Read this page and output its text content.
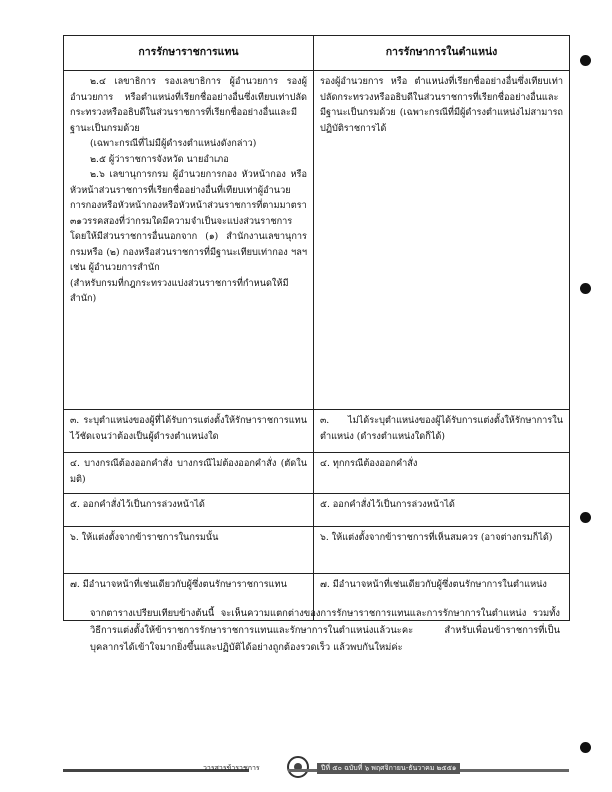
การรักษาราชการแทน	การรักษาการในตำแหน่ง

๒.๔ เลขาธิการ รองเลขาธิการ ผู้อำนวยการ รองผู้อำนวยการ หรือตำแหน่งที่เรียกชื่ออย่างอื่นซึ่งเทียบเท่าปลัดกระทรวงหรืออธิบดีในส่วนราชการที่เรียกชื่ออย่างอื่นและมีฐานะเป็นกรมด้วย
(เฉพาะกรณีที่ไม่มีผู้ดำรงตำแหน่งดังกล่าว)
๒.๕ ผู้ว่าราชการจังหวัด นายอำเภอ
๒.๖ เลขานุการกรม ผู้อำนวยการกอง หัวหน้ากอง หรือหัวหน้าส่วนราชการที่เรียกชื่ออย่างอื่นที่เทียบเท่าผู้อำนวยการกองหรือหัวหน้ากองหรือหัวหน้าส่วนราชการที่ตามมาตรา ๓๑วรรคสองที่ว่ากรมใดมีความจำเป็นจะแบ่งส่วนราชการโดยให้มีส่วนราชการอื่นนอกจาก (๑) สำนักงานเลขานุการกรมหรือ (๒) กองหรือส่วนราชการที่มีฐานะเทียบเท่ากอง ฯลฯ เช่น ผู้อำนวยการสำนัก
(สำหรับกรมที่กฎกระทรวงแบ่งส่วนราชการที่กำหนดให้มีสำนัก)	รองผู้อำนวยการ หรือ ตำแหน่งที่เรียกชื่ออย่างอื่นซึ่งเทียบเท่าปลัดกระทรวงหรืออธิบดีในส่วนราชการที่เรียกชื่ออย่างอื่นและมีฐานะเป็นกรมด้วย (เฉพาะกรณีที่มีผู้ดำรงตำแหน่งไม่สามารถปฏิบัติราชการได้

๓. ระบุตำแหน่งของผู้ที่ได้รับการแต่งตั้งให้รักษาราชการแทนไว้ชัดเจนว่าต้องเป็นผู้ดำรงตำแหน่งใด	๓. ไม่ได้ระบุตำแหน่งของผู้ได้รับการแต่งตั้งให้รักษาการในตำแหน่ง (ดำรงตำแหน่งใดก็ได้)

๔. บางกรณีต้องออกคำสั่ง บางกรณีไม่ต้องออกคำสั่ง (ตัดในมติ)	๔. ทุกกรณีต้องออกคำสั่ง

๕. ออกคำสั่งไว้เป็นการล่วงหน้าได้	๕. ออกคำสั่งไว้เป็นการล่วงหน้าได้

๖. ให้แต่งตั้งจากข้าราชการในกรมนั้น	๖. ให้แต่งตั้งจากข้าราชการที่เห็นสมควร (อาจต่างกรมก็ได้)

๗. มีอำนาจหน้าที่เช่นเดียวกับผู้ซึ่งตนรักษาราชการแทน	๗. มีอำนาจหน้าที่เช่นเดียวกับผู้ซึ่งตนรักษาการในตำแหน่ง
จากตารางเปรียบเทียบข้างต้นนี้ จะเห็นความแตกต่างของการรักษาราชการแทนและการรักษาการในตำแหน่ง รวมทั้งวิธีการแต่งตั้งให้ข้าราชการรักษาราชการแทนและรักษาการในตำแหน่งแล้วนะคะ สำหรับเพื่อนข้าราชการที่เป็นบุคลากรได้เข้าใจมากยิ่งขึ้นและปฏิบัติได้อย่างถูกต้องรวดเร็ว แล้วพบกันใหม่ค่ะ
วารสารข้าราชการ	ปีที่ ๕๐ ฉบับที่ ๖ พฤศจิกายน-ธันวาคม ๒๕๕๑
